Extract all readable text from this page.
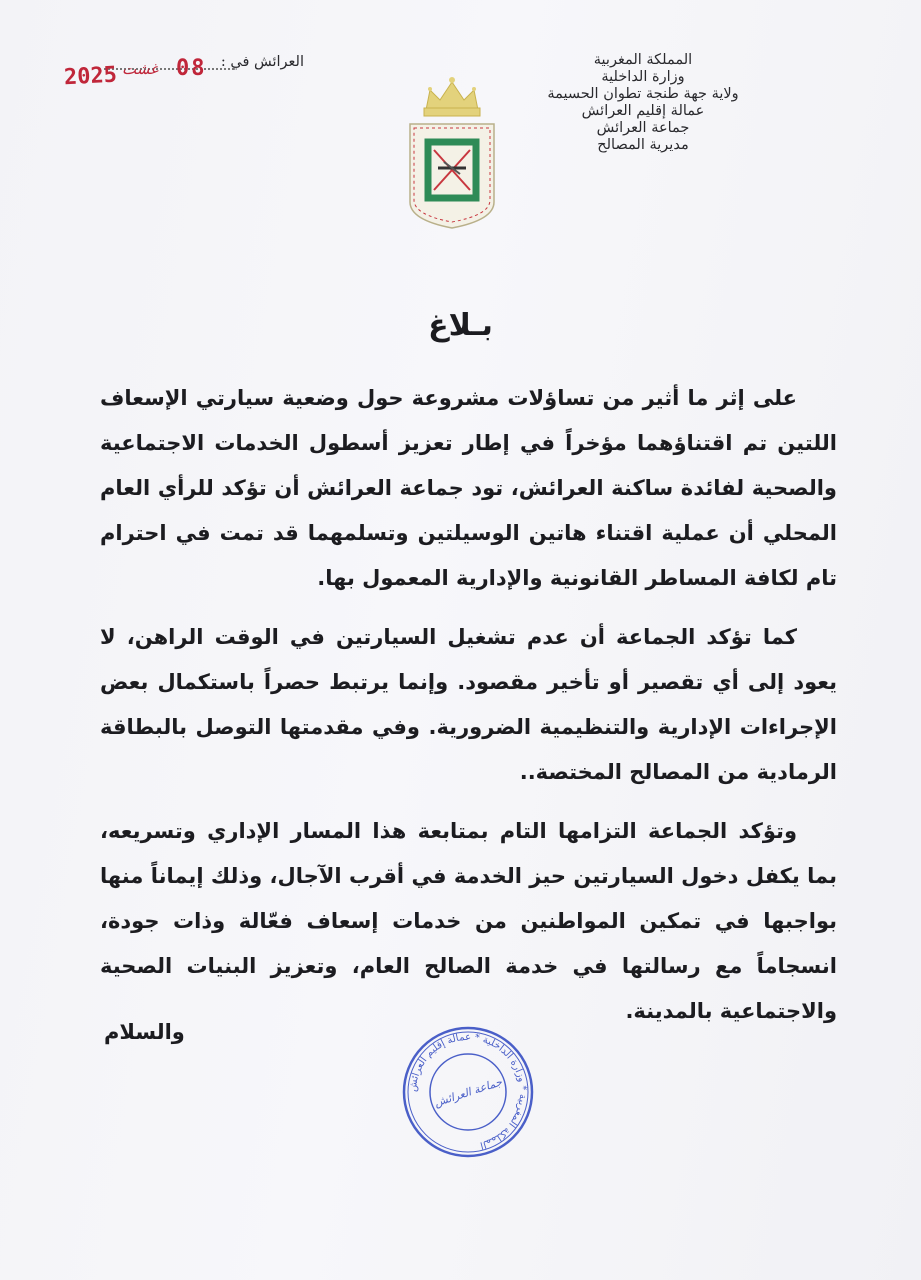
المملكة المغربية
وزارة الداخلية
ولاية جهة طنجة تطوان الحسيمة
عمالة إقليم العرائش
جماعة العرائش
مديرية المصالح
العرائش في :
08
غشت
2025
بـلاغ

على إثر ما أثير من تساؤلات مشروعة حول وضعية سيارتي الإسعاف اللتين تم اقتناؤهما مؤخراً في إطار تعزيز أسطول الخدمات الاجتماعية والصحية لفائدة ساكنة العرائش، تود جماعة العرائش أن تؤكد للرأي العام المحلي أن عملية اقتناء هاتين الوسيلتين وتسلمهما قد تمت في احترام تام لكافة المساطر القانونية والإدارية المعمول بها.

كما تؤكد الجماعة أن عدم تشغيل السيارتين في الوقت الراهن، لا يعود إلى أي تقصير أو تأخير مقصود. وإنما يرتبط حصراً باستكمال بعض الإجراءات الإدارية والتنظيمية الضرورية. وفي مقدمتها التوصل بالبطاقة الرمادية من المصالح المختصة..

وتؤكد الجماعة التزامها التام بمتابعة هذا المسار الإداري وتسريعه، بما يكفل دخول السيارتين حيز الخدمة في أقرب الآجال، وذلك إيماناً منها بواجبها في تمكين المواطنين من خدمات إسعاف فعّالة وذات جودة، انسجاماً مع رسالتها في خدمة الصالح العام، وتعزيز البنيات الصحية والاجتماعية بالمدينة.

والسلام
المملكة المغربية * وزارة الداخلية * عمالة إقليم العرائش
جماعة العرائش
